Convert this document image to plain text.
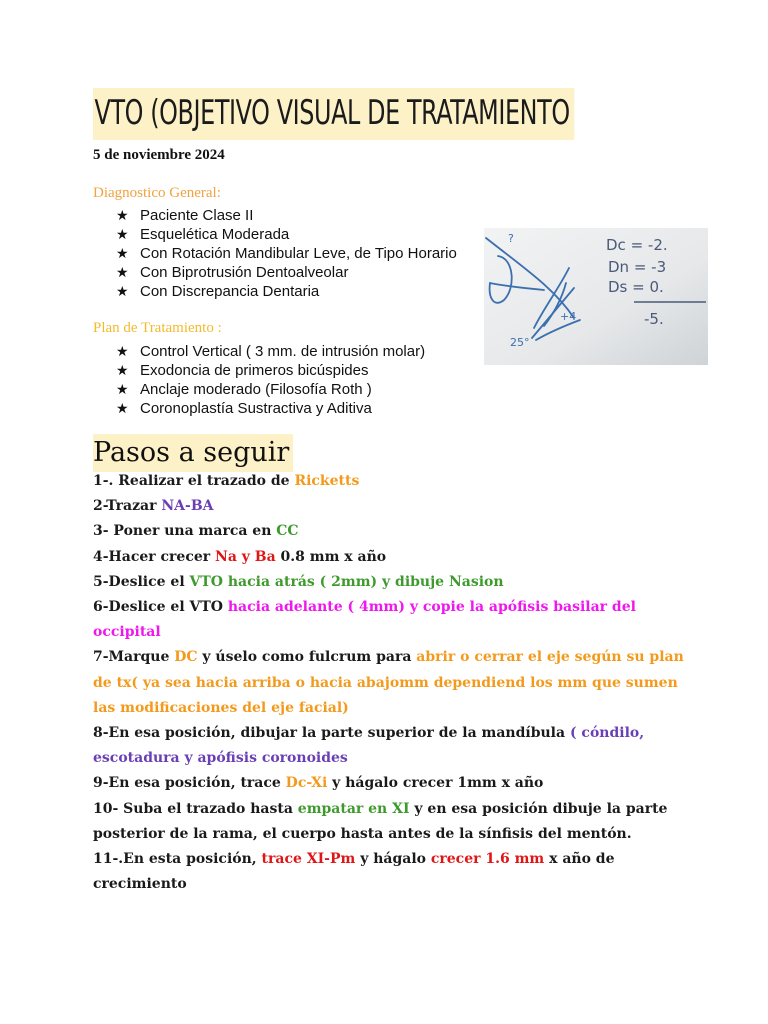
VTO (OBJETIVO VISUAL DE TRATAMIENTO
5 de noviembre 2024
Diagnostico General:
★ Paciente Clase II
★ Esquelética Moderada
★ Con Rotación Mandibular Leve, de Tipo Horario
★ Con Biprotrusión Dentoalveolar
★ Con Discrepancia Dentaria
?
+4
25°
Dc = -2.
Dn = -3
Ds = 0.
-5.
Plan de Tratamiento :
★ Control Vertical ( 3 mm. de intrusión molar)
★ Exodoncia de primeros bicúspides
★ Anclaje moderado (Filosofía Roth )
★ Coronoplastía Sustractiva y Aditiva
Pasos a seguir

1-. Realizar el trazado de Ricketts

2-Trazar NA-BA

3- Poner una marca en CC

4-Hacer crecer Na y Ba 0.8 mm x año

5-Deslice el VTO hacia atrás ( 2mm) y dibuje Nasion

6-Deslice el VTO hacia adelante ( 4mm) y copie la apófisis basilar del occipital

7-Marque DC y úselo como fulcrum para abrir o cerrar el eje según su plan de tx( ya sea hacia arriba o hacia abajomm dependiend los mm que sumen las modificaciones del eje facial)

8-En esa posición, dibujar la parte superior de la mandíbula ( cóndilo, escotadura y apófisis coronoides

9-En esa posición, trace Dc-Xi y hágalo crecer 1mm x año

10- Suba el trazado hasta empatar en XI y en esa posición dibuje la parte posterior de la rama, el cuerpo hasta antes de la sínfisis del mentón.

11-.En esta posición, trace XI-Pm y hágalo crecer 1.6 mm x año de crecimiento
